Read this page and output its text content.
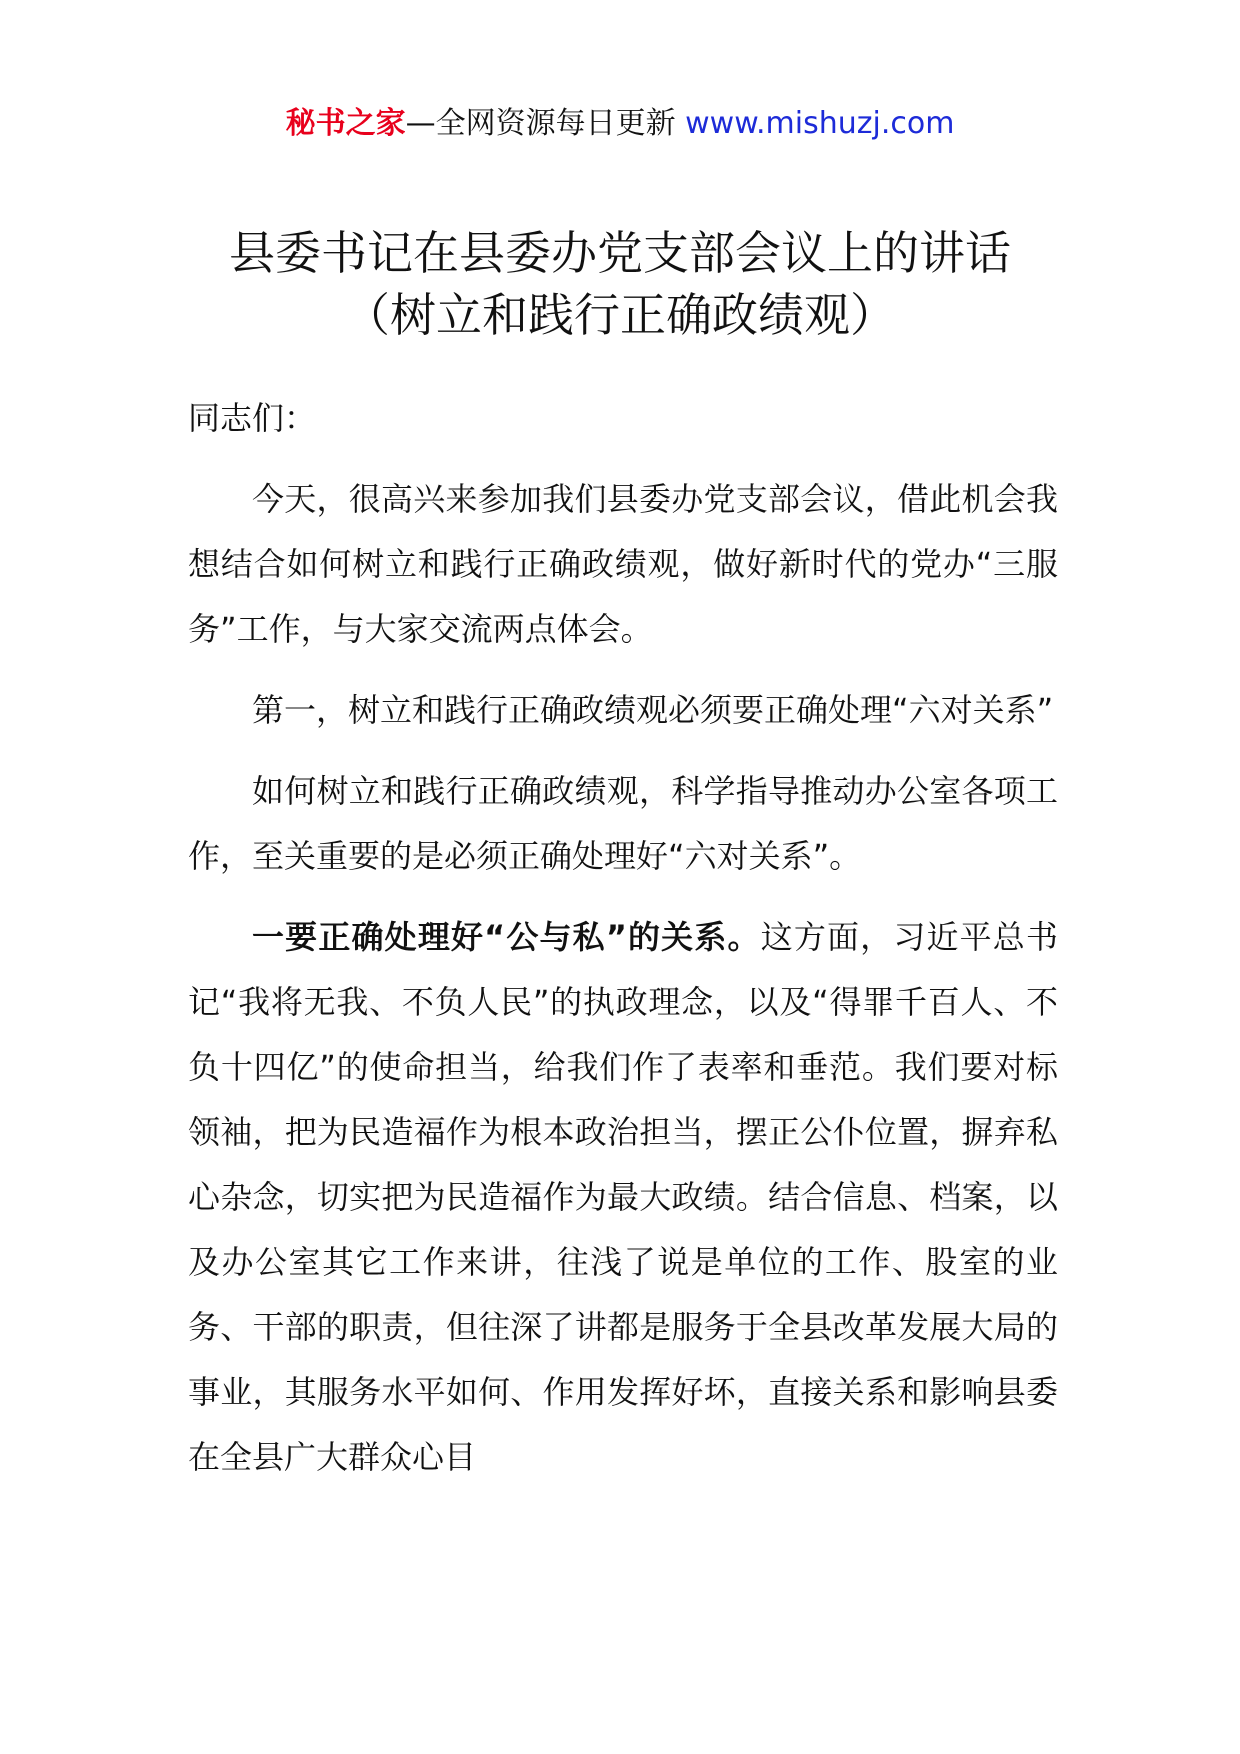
秘书之家—全网资源每日更新 www.mishuzj.com
县委书记在县委办党支部会议上的讲话
（树立和践行正确政绩观）

同志们：

今天，很高兴来参加我们县委办党支部会议，借此机会我想结合如何树立和践行正确政绩观，做好新时代的党办“三服务”工作，与大家交流两点体会。

第一，树立和践行正确政绩观必须要正确处理“六对关系”

如何树立和践行正确政绩观，科学指导推动办公室各项工作，至关重要的是必须正确处理好“六对关系”。

一要正确处理好“公与私”的关系。这方面，习近平总书记“我将无我、不负人民”的执政理念，以及“得罪千百人、不负十四亿”的使命担当，给我们作了表率和垂范。我们要对标领袖，把为民造福作为根本政治担当，摆正公仆位置，摒弃私心杂念，切实把为民造福作为最大政绩。结合信息、档案，以及办公室其它工作来讲，往浅了说是单位的工作、股室的业务、干部的职责，但往深了讲都是服务于全县改革发展大局的事业，其服务水平如何、作用发挥好坏，直接关系和影响县委在全县广大群众心目
